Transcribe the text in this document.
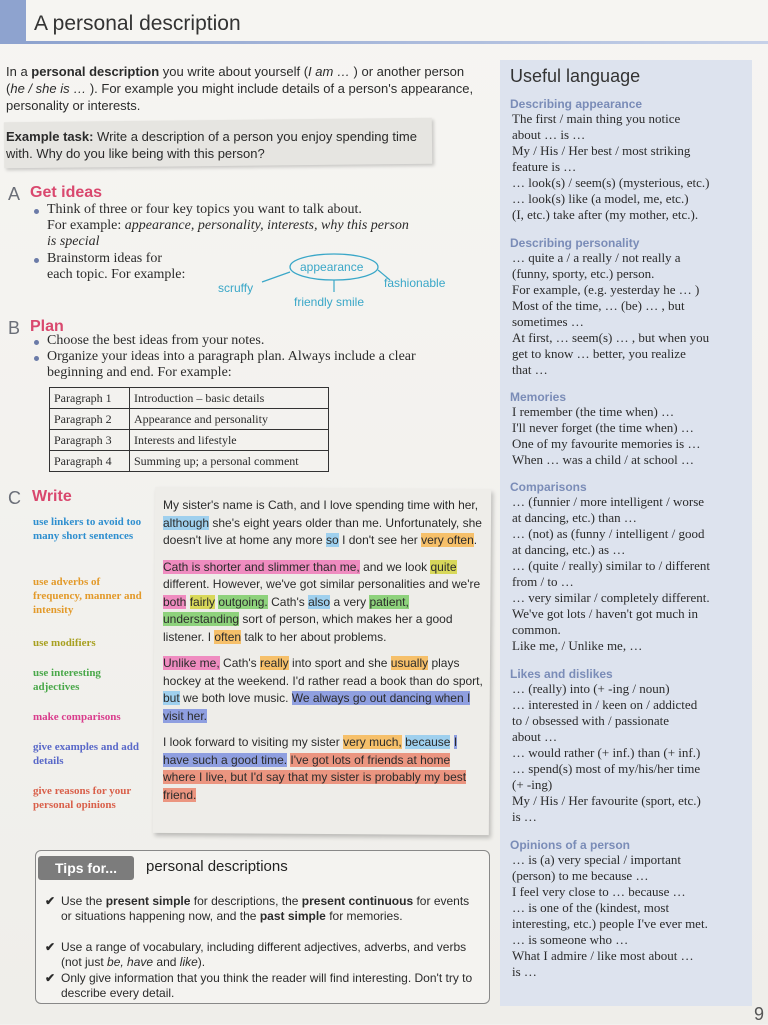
A personal description
In a personal description you write about yourself (I am … ) or another person (he / she is … ). For example you might include details of a person's appearance, personality or interests.
Example task: Write a description of a person you enjoy spending time with. Why do you like being with this person?
A Get ideas
Think of three or four key topics you want to talk about.
For example: appearance, personality, interests, why this person
is special
Brainstorm ideas for
each topic. For example:	appearance
scruffy	fashionable
friendly smile
B Plan
Choose the best ideas from your notes.
Organize your ideas into a paragraph plan. Always include a clear
beginning and end. For example:
Paragraph 1	Introduction – basic details
Paragraph 2	Appearance and personality
Paragraph 3	Interests and lifestyle
Paragraph 4	Summing up; a personal comment
C Write
use linkers to avoid too many short sentences
use adverbs of frequency, manner and intensity
use modifiers
use interesting adjectives
make comparisons
give examples and add details
give reasons for your personal opinions

My sister's name is Cath, and I love spending time with her, although she's eight years older than me. Unfortunately, she doesn't live at home any more so I don't see her very often.

Cath is shorter and slimmer than me, and we look quite different. However, we've got similar personalities and we're both fairly outgoing. Cath's also a very patient, understanding sort of person, which makes her a good listener. I often talk to her about problems.

Unlike me, Cath's really into sport and she usually plays hockey at the weekend. I'd rather read a book than do sport, but we both love music. We always go out dancing when I visit her.

I look forward to visiting my sister very much, because I have such a good time. I've got lots of friends at home where I live, but I'd say that my sister is probably my best friend.

Tips for...	personal descriptions
✔ Use the present simple for descriptions, the present continuous for events or situations happening now, and the past simple for memories.
✔ Use a range of vocabulary, including different adjectives, adverbs, and verbs (not just be, have and like).
✔ Only give information that you think the reader will find interesting. Don't try to describe every detail.
Useful language
Describing appearance
The first / main thing you notice
about … is …
My / His / Her best / most striking
feature is …
… look(s) / seem(s) (mysterious, etc.)
… look(s) like (a model, me, etc.)
(I, etc.) take after (my mother, etc.).
Describing personality
… quite a / a really / not really a
(funny, sporty, etc.) person.
For example, (e.g. yesterday he … )
Most of the time, … (be) … , but
sometimes …
At first, … seem(s) … , but when you
get to know … better, you realize
that …
Memories
I remember (the time when) …
I'll never forget (the time when) …
One of my favourite memories is …
When … was a child / at school …
Comparisons
… (funnier / more intelligent / worse
at dancing, etc.) than …
… (not) as (funny / intelligent / good
at dancing, etc.) as …
… (quite / really) similar to / different
from / to …
… very similar / completely different.
We've got lots / haven't got much in
common.
Like me, / Unlike me, …
Likes and dislikes
… (really) into (+ -ing / noun)
… interested in / keen on / addicted
to / obsessed with / passionate
about …
… would rather (+ inf.) than (+ inf.)
… spend(s) most of my/his/her time
(+ -ing)
My / His / Her favourite (sport, etc.)
is …
Opinions of a person
… is (a) very special / important
(person) to me because …
I feel very close to … because …
… is one of the (kindest, most
interesting, etc.) people I've ever met.
… is someone who …
What I admire / like most about …
is …
9
